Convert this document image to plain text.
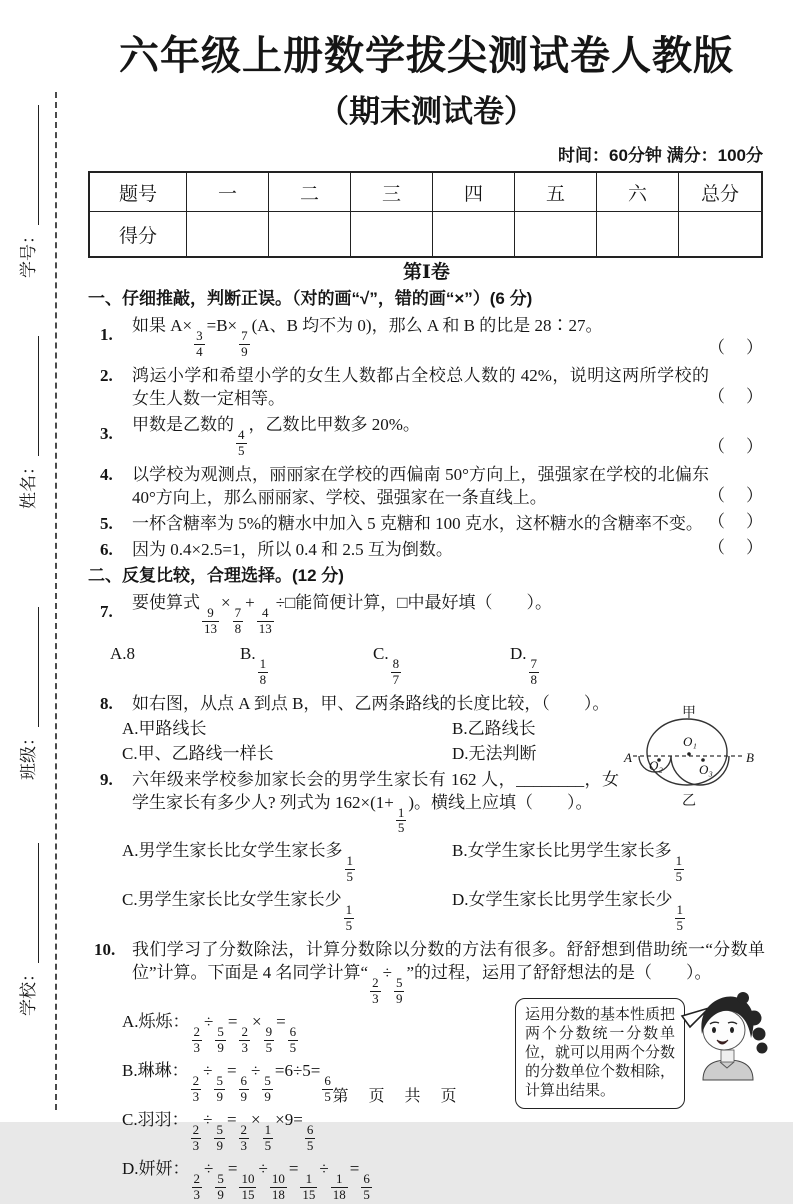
学号：
姓名：
班级：
学校：
六年级上册数学拔尖测试卷人教版
（期末测试卷）
时间：60分钟 满分：100分
题号	一	二	三	四	五	六	总分
得分							
第Ⅰ卷
一、仔细推敲，判断正误。（对的画“√”，错的画“×”）(6 分)
1. 如果 A×
$\frac{3}{4}$
=B×
$\frac{7}{9}$
(A、B 均不为 0)，那么 A 和 B 的比是 28∶27。
（　）
2. 鸿运小学和希望小学的女生人数都占全校总人数的 42%，说明这两所学校的女生人数一定相等。	（　）
3. 甲数是乙数的
$\frac{4}{5}$
，乙数比甲数多 20%。
（　）
4. 以学校为观测点，丽丽家在学校的西偏南 50°方向上，强强家在学校的北偏东 40°方向上，那么丽丽家、学校、强强家在一条直线上。	（　）
5. 一杯含糖率为 5%的糖水中加入 5 克糖和 100 克水，这杯糖水的含糖率不变。 （　）
6. 因为 0.4×2.5=1，所以 0.4 和 2.5 互为倒数。	（　）
二、反复比较，合理选择。(12 分)
7. 要使算式
$\frac{9}{13}$
×
$\frac{7}{8}$
+
$\frac{4}{13}$
÷□能简便计算，□中最好填（　　）。
A.8	B.
$\frac{1}{8}$
C.
$\frac{8}{7}$
D.
$\frac{7}{8}$
甲
乙
A	B
O₁
O₂	O₃
8. 如右图，从点 A 到点 B，甲、乙两条路线的长度比较，（　　）。
A.甲路线长	B.乙路线长
C.甲、乙路线一样长	D.无法判断
9. 六年级来学校参加家长会的男学生家长有 162 人，________，女学生家长有多少人? 列式为 162×(1+
$\frac{1}{5}$
)。横线上应填（　　）。
A.男学生家长比女学生家长多
$\frac{1}{5}$
B.女学生家长比男学生家长多
$\frac{1}{5}$
C.男学生家长比女学生家长少
$\frac{1}{5}$
D.女学生家长比男学生家长少
$\frac{1}{5}$
10. 我们学习了分数除法，计算分数除以分数的方法有很多。舒舒想到借助统一“分数单位”计算。下面是 4 名同学计算“
$\frac{2}{3}$
÷
$\frac{5}{9}$
”的过程，运用了舒舒想法的是（　　）。
A.烁烁：
$\frac{2}{3}$
÷
$\frac{5}{9}$
=
$\frac{2}{3}$
×
$\frac{9}{5}$
=
$\frac{6}{5}$
B.琳琳：
$\frac{2}{3}$
÷
$\frac{5}{9}$
=
$\frac{6}{9}$
÷
$\frac{5}{9}$
=6÷5=
$\frac{6}{5}$
C.羽羽：
$\frac{2}{3}$
÷
$\frac{5}{9}$
=
$\frac{2}{3}$
×
$\frac{1}{5}$
×9=
$\frac{6}{5}$
D.妍妍：
$\frac{2}{3}$
÷
$\frac{5}{9}$
=
$\frac{10}{15}$
÷
$\frac{10}{18}$
=
$\frac{1}{15}$
÷
$\frac{1}{18}$
=
$\frac{6}{5}$
运用分数的基本性质把两个分数统一分数单位，就可以用两个分数的分数单位个数相除，计算出结果。
第 页 共 页
